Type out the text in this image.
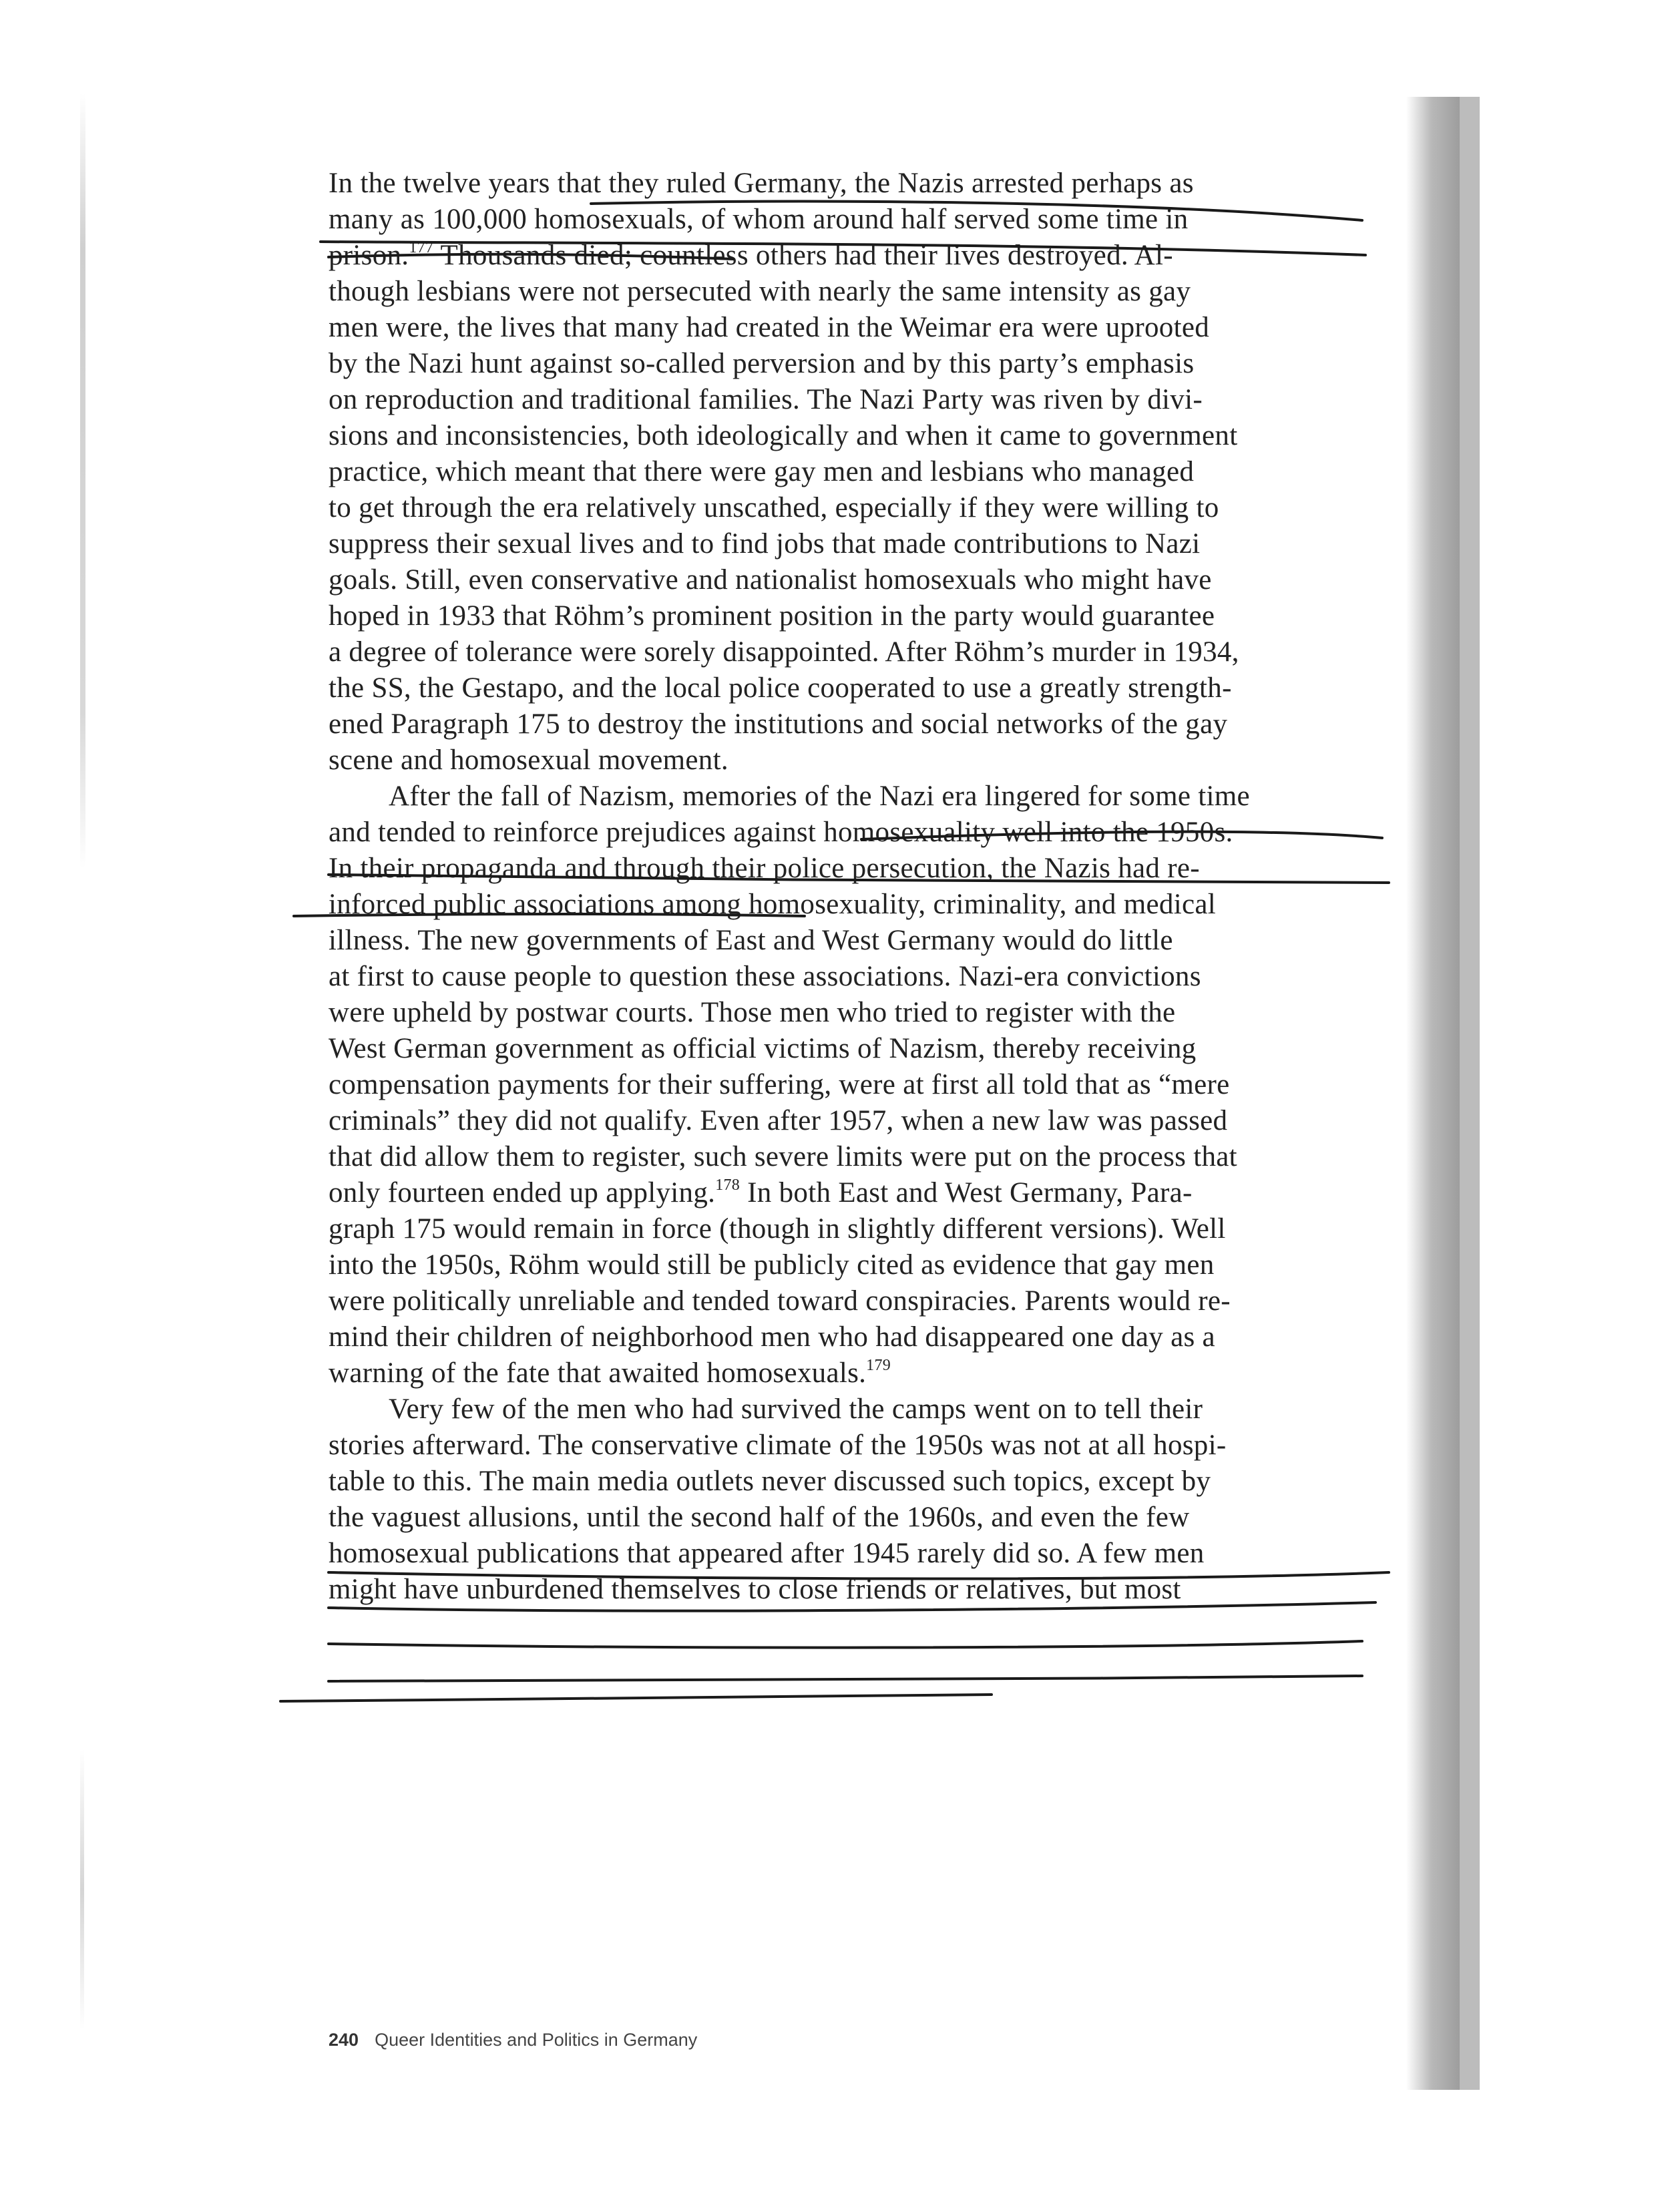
In the twelve years that they ruled Germany, the Nazis arrested perhaps as
many as 100,000 homosexuals, of whom around half served some time in
prison.$^{177}$ Thousands died; countless others had their lives destroyed. Al-
though lesbians were not persecuted with nearly the same intensity as gay
men were, the lives that many had created in the Weimar era were uprooted
by the Nazi hunt against so-called perversion and by this party’s emphasis
on reproduction and traditional families. The Nazi Party was riven by divi-
sions and inconsistencies, both ideologically and when it came to government
practice, which meant that there were gay men and lesbians who managed
to get through the era relatively unscathed, especially if they were willing to
suppress their sexual lives and to find jobs that made contributions to Nazi
goals. Still, even conservative and nationalist homosexuals who might have
hoped in 1933 that Röhm’s prominent position in the party would guarantee
a degree of tolerance were sorely disappointed. After Röhm’s murder in 1934,
the SS, the Gestapo, and the local police cooperated to use a greatly strength-
ened Paragraph 175 to destroy the institutions and social networks of the gay
scene and homosexual movement.
After the fall of Nazism, memories of the Nazi era lingered for some time
and tended to reinforce prejudices against homosexuality well into the 1950s.
In their propaganda and through their police persecution, the Nazis had re-
inforced public associations among homosexuality, criminality, and medical
illness. The new governments of East and West Germany would do little
at first to cause people to question these associations. Nazi-era convictions
were upheld by postwar courts. Those men who tried to register with the
West German government as official victims of Nazism, thereby receiving
compensation payments for their suffering, were at first all told that as “mere
criminals” they did not qualify. Even after 1957, when a new law was passed
that did allow them to register, such severe limits were put on the process that
only fourteen ended up applying.$^{178}$ In both East and West Germany, Para-
graph 175 would remain in force (though in slightly different versions). Well
into the 1950s, Röhm would still be publicly cited as evidence that gay men
were politically unreliable and tended toward conspiracies. Parents would re-
mind their children of neighborhood men who had disappeared one day as a
warning of the fate that awaited homosexuals.$^{179}$
Very few of the men who had survived the camps went on to tell their
stories afterward. The conservative climate of the 1950s was not at all hospi-
table to this. The main media outlets never discussed such topics, except by
the vaguest allusions, until the second half of the 1960s, and even the few
homosexual publications that appeared after 1945 rarely did so. A few men
might have unburdened themselves to close friends or relatives, but most
240 Queer Identities and Politics in Germany
